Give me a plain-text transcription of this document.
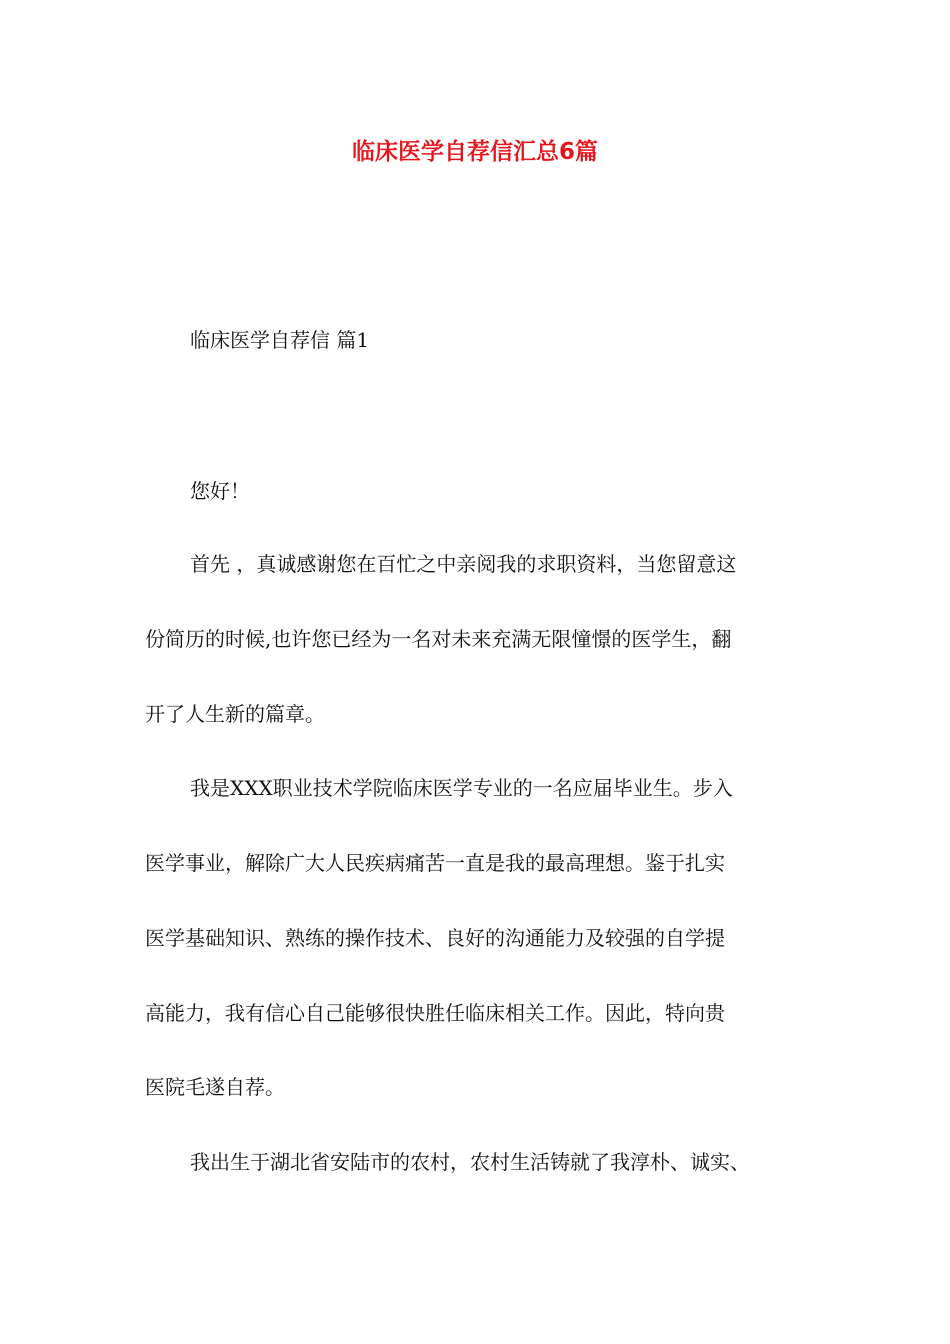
临床医学自荐信汇总6篇

临床医学自荐信 篇1

您好！

首先 ，真诚感谢您在百忙之中亲阅我的求职资料，当您留意这

份简历的时候,也许您已经为一名对未来充满无限憧憬的医学生，翻

开了人生新的篇章。

我是XXX职业技术学院临床医学专业的一名应届毕业生。步入

医学事业，解除广大人民疾病痛苦一直是我的最高理想。鉴于扎实

医学基础知识、熟练的操作技术、良好的沟通能力及较强的自学提

高能力，我有信心自己能够很快胜任临床相关工作。因此，特向贵

医院毛遂自荐。

我出生于湖北省安陆市的农村，农村生活铸就了我淳朴、诚实、
